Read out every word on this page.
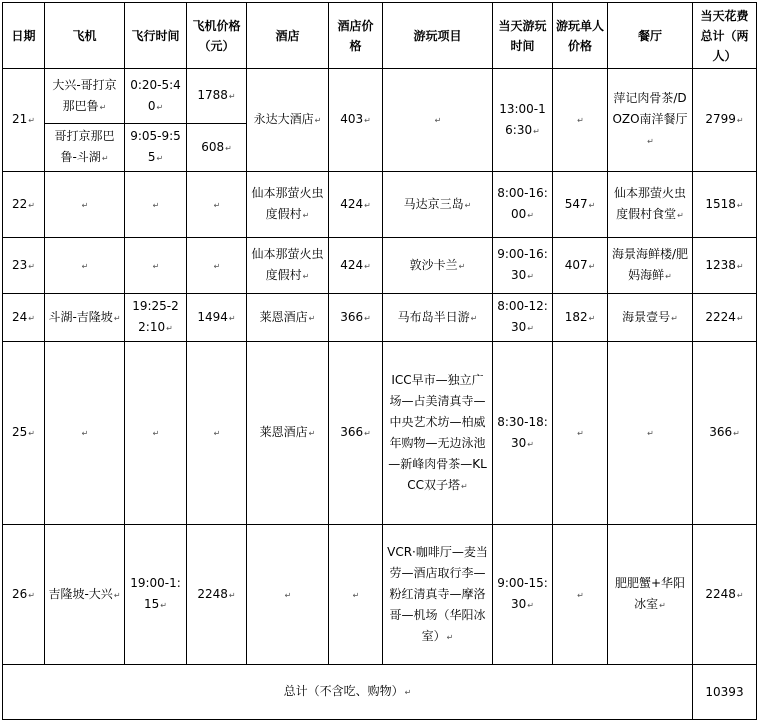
日期	飞机	飞行时间	飞机价格（元）	酒店	酒店价格	游玩项目	当天游玩时间	游玩单人价格	餐厅	当天花费总计（两人）
21↵	大兴-哥打京那巴鲁↵	0:20-5:40↵	1788↵	永达大酒店↵	403↵	↵	13:00-16:30↵	↵	萍记肉骨茶/DOZO南洋餐厅↵	2799↵
	哥打京那巴鲁-斗湖↵	9:05-9:55↵	608↵							
22↵	↵	↵	↵	仙本那萤火虫度假村↵	424↵	马达京三岛↵	8:00-16:00↵	547↵	仙本那萤火虫度假村食堂↵	1518↵
23↵	↵	↵	↵	仙本那萤火虫度假村↵	424↵	敦沙卡兰↵	9:00-16:30↵	407↵	海景海鲜楼/肥妈海鲜↵	1238↵
24↵	斗湖-吉隆坡↵	19:25-22:10↵	1494↵	莱恩酒店↵	366↵	马布岛半日游↵	8:00-12:30↵	182↵	海景壹号↵	2224↵
25↵	↵	↵	↵	莱恩酒店↵	366↵	ICC早市—独立广场—占美清真寺—中央艺术坊—柏威年购物—无边泳池—新峰肉骨茶—KLCC双子塔↵	8:30-18:30↵	↵	↵	366↵
26↵	吉隆坡-大兴↵	19:00-1:15↵	2248↵	↵	↵	VCR·咖啡厅—麦当劳—酒店取行李—粉红清真寺—摩洛哥—机场（华阳冰室）↵	9:00-15:30↵	↵	肥肥蟹+华阳冰室↵	2248↵
总计（不含吃、购物）↵										10393
